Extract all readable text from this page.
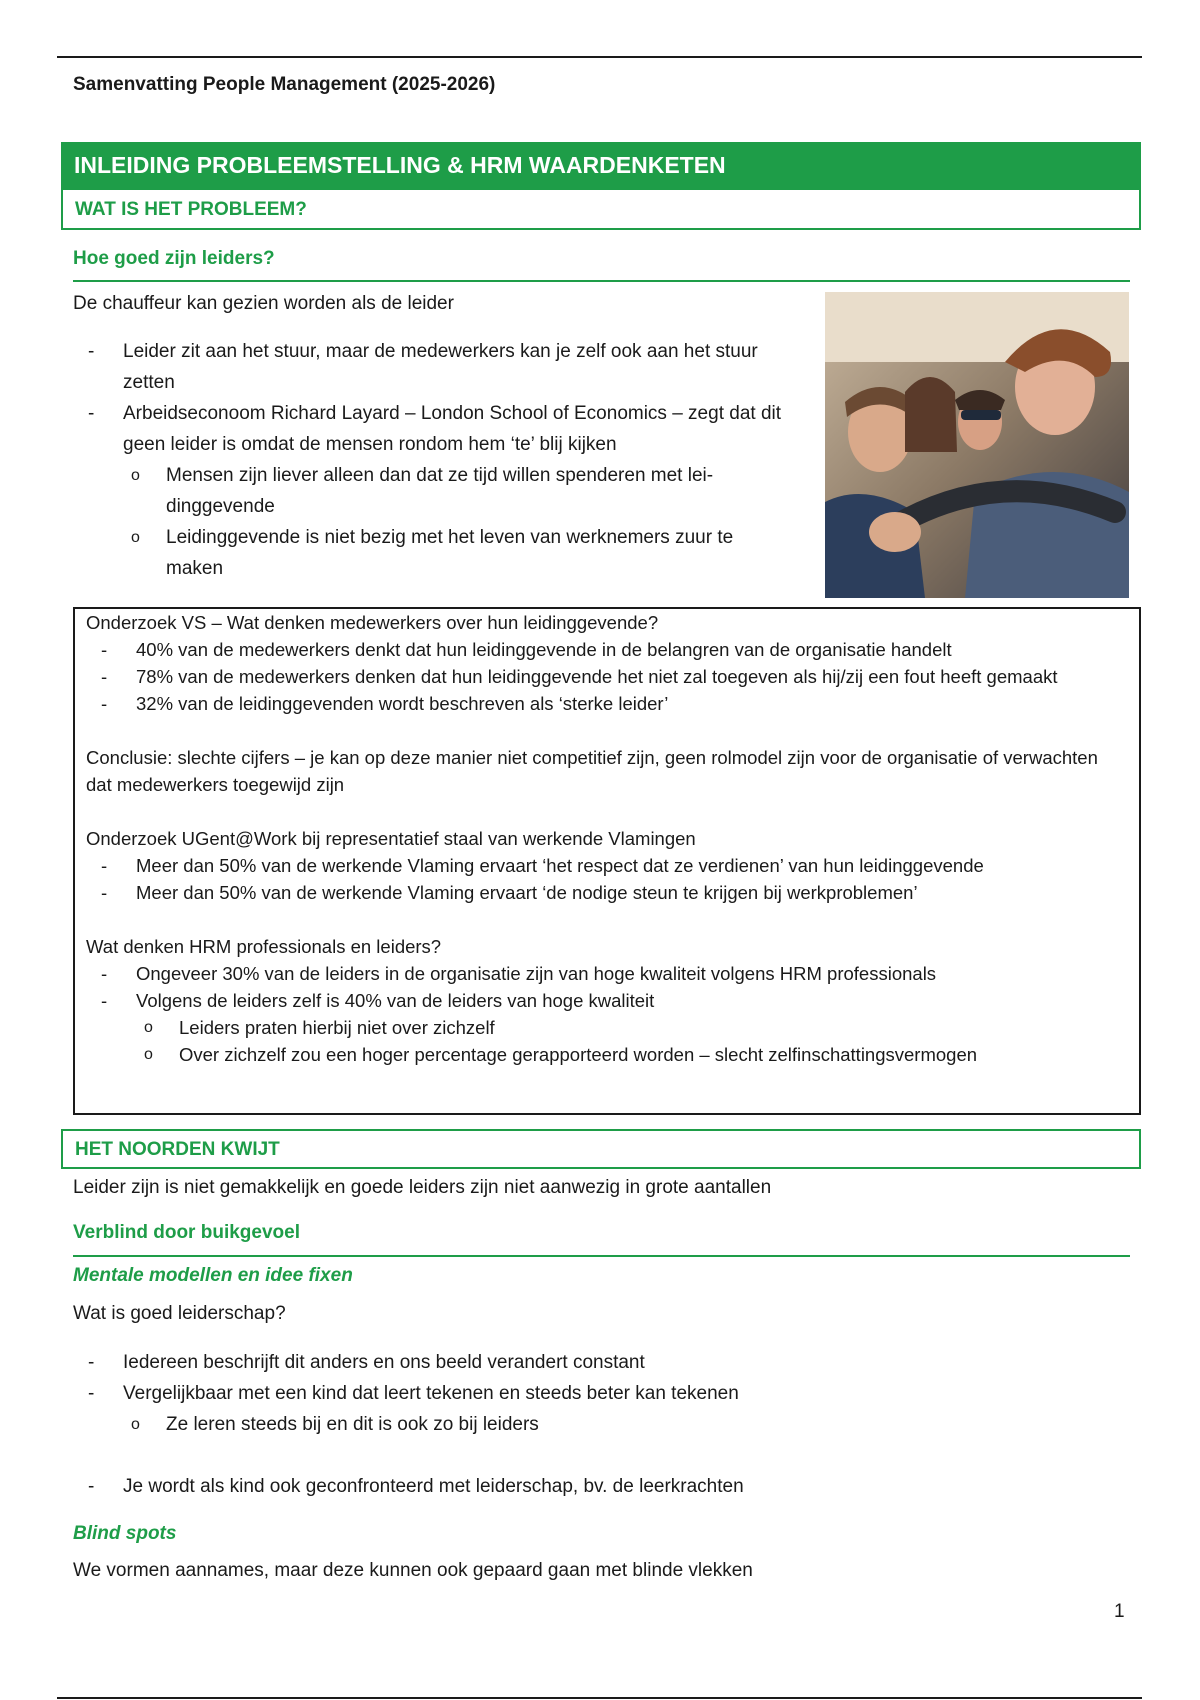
Samenvatting People Management (2025-2026)
INLEIDING PROBLEEMSTELLING & HRM WAARDENKETEN
WAT IS HET PROBLEEM?
Hoe goed zijn leiders?
De chauffeur kan gezien worden als de leider
- Leider zit aan het stuur, maar de medewerkers kan je zelf ook aan het stuur zetten
- Arbeidseconoom Richard Layard – London School of Economics – zegt dat dit geen leider is omdat de mensen rondom hem ‘te’ blij kijken
o Mensen zijn liever alleen dan dat ze tijd willen spenderen met lei-dinggevende
o Leidinggevende is niet bezig met het leven van werknemers zuur te maken

Onderzoek VS – Wat denken medewerkers over hun leidinggevende?

- 40% van de medewerkers denkt dat hun leidinggevende in de belangren van de organisatie handelt
- 78% van de medewerkers denken dat hun leidinggevende het niet zal toegeven als hij/zij een fout heeft gemaakt
- 32% van de leidinggevenden wordt beschreven als ‘sterke leider’

Conclusie: slechte cijfers – je kan op deze manier niet competitief zijn, geen rolmodel zijn voor de organisatie of verwachten dat medewerkers toegewijd zijn

Onderzoek UGent@Work bij representatief staal van werkende Vlamingen

- Meer dan 50% van de werkende Vlaming ervaart ‘het respect dat ze verdienen’ van hun leidinggevende
- Meer dan 50% van de werkende Vlaming ervaart ‘de nodige steun te krijgen bij werkproblemen’

Wat denken HRM professionals en leiders?

- Ongeveer 30% van de leiders in de organisatie zijn van hoge kwaliteit volgens HRM professionals
- Volgens de leiders zelf is 40% van de leiders van hoge kwaliteit
o Leiders praten hierbij niet over zichzelf
o Over zichzelf zou een hoger percentage gerapporteerd worden – slecht zelfinschattingsvermogen
HET NOORDEN KWIJT
Leider zijn is niet gemakkelijk en goede leiders zijn niet aanwezig in grote aantallen
Verblind door buikgevoel
Mentale modellen en idee fixen
Wat is goed leiderschap?
- Iedereen beschrijft dit anders en ons beeld verandert constant
- Vergelijkbaar met een kind dat leert tekenen en steeds beter kan tekenen
o Ze leren steeds bij en dit is ook zo bij leiders
- Je wordt als kind ook geconfronteerd met leiderschap, bv. de leerkrachten
Blind spots
We vormen aannames, maar deze kunnen ook gepaard gaan met blinde vlekken
1
